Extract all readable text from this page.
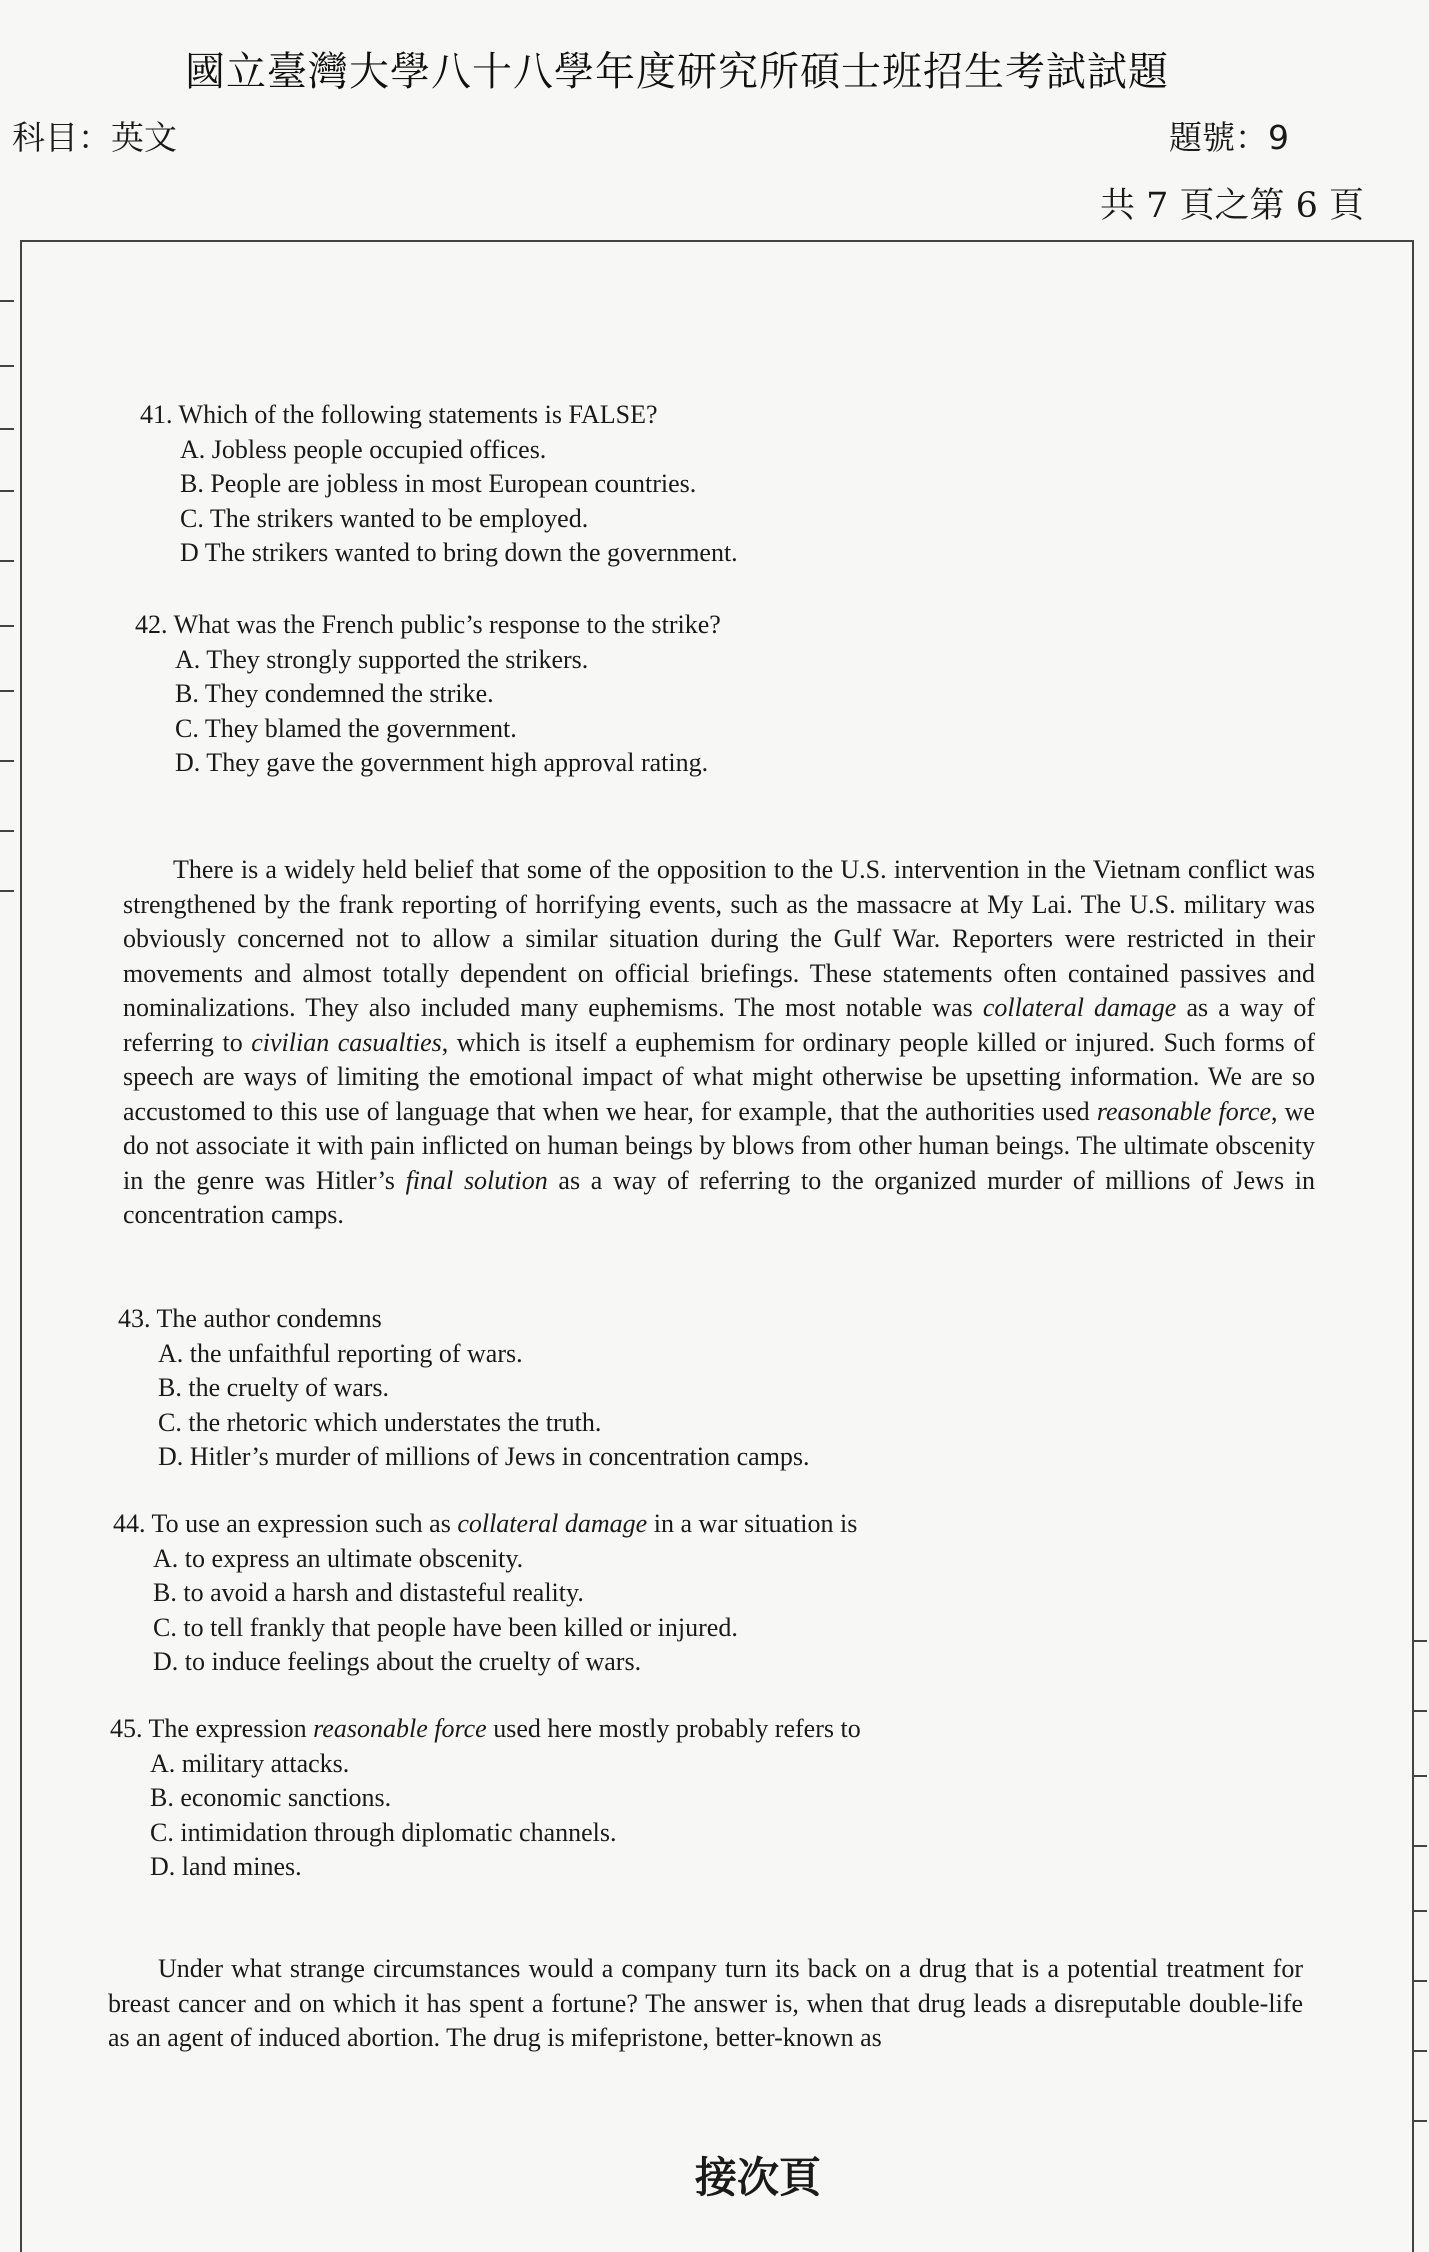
國立臺灣大學八十八學年度研究所碩士班招生考試試題
科目：英文	題號：9
共 7 頁之第 6 頁
41. Which of the following statements is FALSE?
A. Jobless people occupied offices.
B. People are jobless in most European countries.
C. The strikers wanted to be employed.
D The strikers wanted to bring down the government.
42. What was the French public’s response to the strike?
A. They strongly supported the strikers.
B. They condemned the strike.
C. They blamed the government.
D. They gave the government high approval rating.
There is a widely held belief that some of the opposition to the U.S. intervention in the Vietnam conflict was strengthened by the frank reporting of horrifying events, such as the massacre at My Lai. The U.S. military was obviously concerned not to allow a similar situation during the Gulf War. Reporters were restricted in their movements and almost totally dependent on official briefings. These statements often contained passives and nominalizations. They also included many euphemisms. The most notable was collateral damage as a way of referring to civilian casualties, which is itself a euphemism for ordinary people killed or injured. Such forms of speech are ways of limiting the emotional impact of what might otherwise be upsetting information. We are so accustomed to this use of language that when we hear, for example, that the authorities used reasonable force, we do not associate it with pain inflicted on human beings by blows from other human beings. The ultimate obscenity in the genre was Hitler’s final solution as a way of referring to the organized murder of millions of Jews in concentration camps.
43. The author condemns
A. the unfaithful reporting of wars.
B. the cruelty of wars.
C. the rhetoric which understates the truth.
D. Hitler’s murder of millions of Jews in concentration camps.
44. To use an expression such as collateral damage in a war situation is
A. to express an ultimate obscenity.
B. to avoid a harsh and distasteful reality.
C. to tell frankly that people have been killed or injured.
D. to induce feelings about the cruelty of wars.
45. The expression reasonable force used here mostly probably refers to
A. military attacks.
B. economic sanctions.
C. intimidation through diplomatic channels.
D. land mines.
Under what strange circumstances would a company turn its back on a drug that is a potential treatment for breast cancer and on which it has spent a fortune? The answer is, when that drug leads a disreputable double-life as an agent of induced abortion. The drug is mifepristone, better-known as
接次頁
